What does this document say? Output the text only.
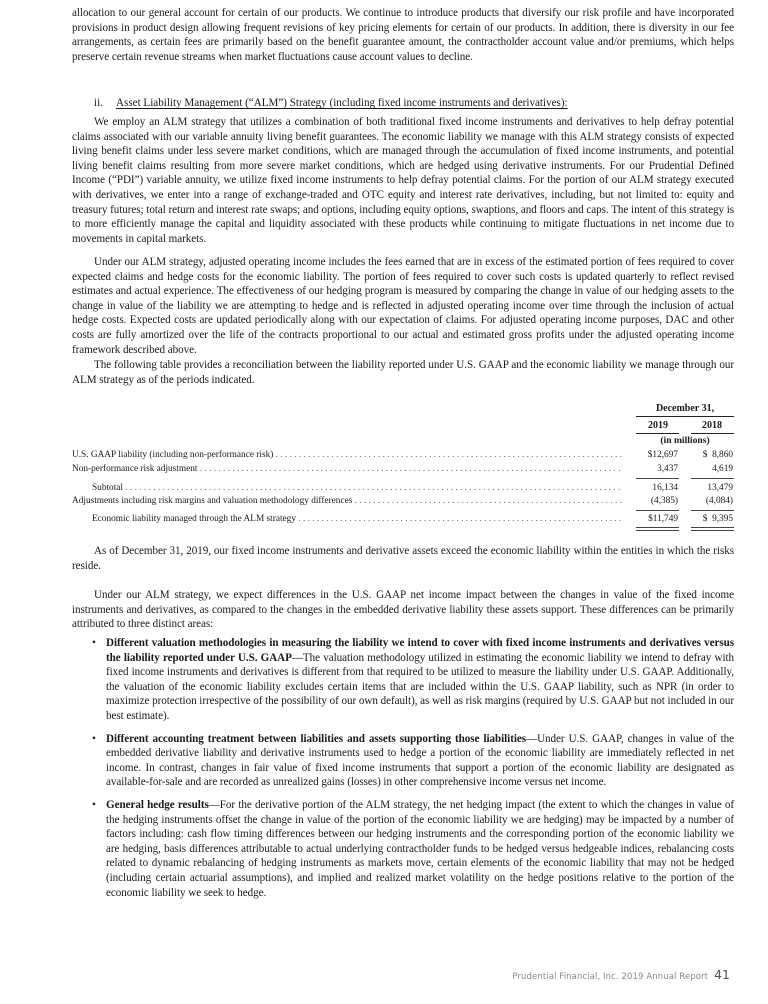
allocation to our general account for certain of our products. We continue to introduce products that diversify our risk profile and have incorporated provisions in product design allowing frequent revisions of key pricing elements for certain of our products. In addition, there is diversity in our fee arrangements, as certain fees are primarily based on the benefit guarantee amount, the contractholder account value and/or premiums, which helps preserve certain revenue streams when market fluctuations cause account values to decline.

ii. Asset Liability Management (“ALM”) Strategy (including fixed income instruments and derivatives):

We employ an ALM strategy that utilizes a combination of both traditional fixed income instruments and derivatives to help defray potential claims associated with our variable annuity living benefit guarantees. The economic liability we manage with this ALM strategy consists of expected living benefit claims under less severe market conditions, which are managed through the accumulation of fixed income instruments, and potential living benefit claims resulting from more severe market conditions, which are hedged using derivative instruments. For our Prudential Defined Income (“PDI”) variable annuity, we utilize fixed income instruments to help defray potential claims. For the portion of our ALM strategy executed with derivatives, we enter into a range of exchange-traded and OTC equity and interest rate derivatives, including, but not limited to: equity and treasury futures; total return and interest rate swaps; and options, including equity options, swaptions, and floors and caps. The intent of this strategy is to more efficiently manage the capital and liquidity associated with these products while continuing to mitigate fluctuations in net income due to movements in capital markets.

Under our ALM strategy, adjusted operating income includes the fees earned that are in excess of the estimated portion of fees required to cover expected claims and hedge costs for the economic liability. The portion of fees required to cover such costs is updated quarterly to reflect revised estimates and actual experience. The effectiveness of our hedging program is measured by comparing the change in value of our hedging assets to the change in value of the liability we are attempting to hedge and is reflected in adjusted operating income over time through the inclusion of actual hedge costs. Expected costs are updated periodically along with our expectation of claims. For adjusted operating income purposes, DAC and other costs are fully amortized over the life of the contracts proportional to our actual and estimated gross profits under the adjusted operating income framework described above.

The following table provides a reconciliation between the liability reported under U.S. GAAP and the economic liability we manage through our ALM strategy as of the periods indicated.

December 31,
2019	2018
(in millions)
U.S. GAAP liability (including non-performance risk) . . .	$12,697	$  8,860
Non-performance risk adjustment . . .	3,437	4,619
Subtotal . . .	16,134	13,479
Adjustments including risk margins and valuation methodology differences . . .	(4,385)	(4,084)
Economic liability managed through the ALM strategy . . .	$11,749	$  9,395

As of December 31, 2019, our fixed income instruments and derivative assets exceed the economic liability within the entities in which the risks reside.

Under our ALM strategy, we expect differences in the U.S. GAAP net income impact between the changes in value of the fixed income instruments and derivatives, as compared to the changes in the embedded derivative liability these assets support. These differences can be primarily attributed to three distinct areas:

• Different valuation methodologies in measuring the liability we intend to cover with fixed income instruments and derivatives versus the liability reported under U.S. GAAP—The valuation methodology utilized in estimating the economic liability we intend to defray with fixed income instruments and derivatives is different from that required to be utilized to measure the liability under U.S. GAAP. Additionally, the valuation of the economic liability excludes certain items that are included within the U.S. GAAP liability, such as NPR (in order to maximize protection irrespective of the possibility of our own default), as well as risk margins (required by U.S. GAAP but not included in our best estimate).
• Different accounting treatment between liabilities and assets supporting those liabilities—Under U.S. GAAP, changes in value of the embedded derivative liability and derivative instruments used to hedge a portion of the economic liability are immediately reflected in net income. In contrast, changes in fair value of fixed income instruments that support a portion of the economic liability are designated as available-for-sale and are recorded as unrealized gains (losses) in other comprehensive income versus net income.
• General hedge results—For the derivative portion of the ALM strategy, the net hedging impact (the extent to which the changes in value of the hedging instruments offset the change in value of the portion of the economic liability we are hedging) may be impacted by a number of factors including: cash flow timing differences between our hedging instruments and the corresponding portion of the economic liability we are hedging, basis differences attributable to actual underlying contractholder funds to be hedged versus hedgeable indices, rebalancing costs related to dynamic rebalancing of hedging instruments as markets move, certain elements of the economic liability that may not be hedged (including certain actuarial assumptions), and implied and realized market volatility on the hedge positions relative to the portion of the economic liability we seek to hedge.
Prudential Financial, Inc. 2019 Annual Report 41
